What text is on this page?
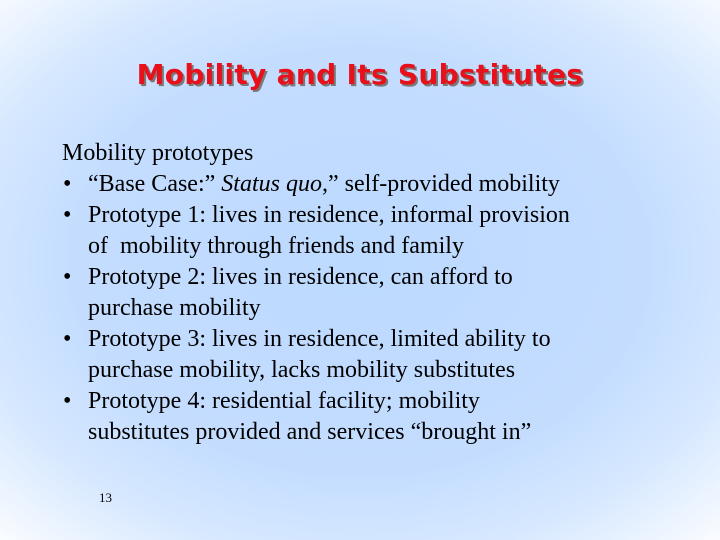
Mobility and Its Substitutes
Mobility prototypes
• “Base Case:” Status quo,” self-provided mobility
• Prototype 1: lives in residence, informal provision
of  mobility through friends and family
• Prototype 2: lives in residence, can afford to
purchase mobility
• Prototype 3: lives in residence, limited ability to
purchase mobility, lacks mobility substitutes
• Prototype 4: residential facility; mobility
substitutes provided and services “brought in”
13
